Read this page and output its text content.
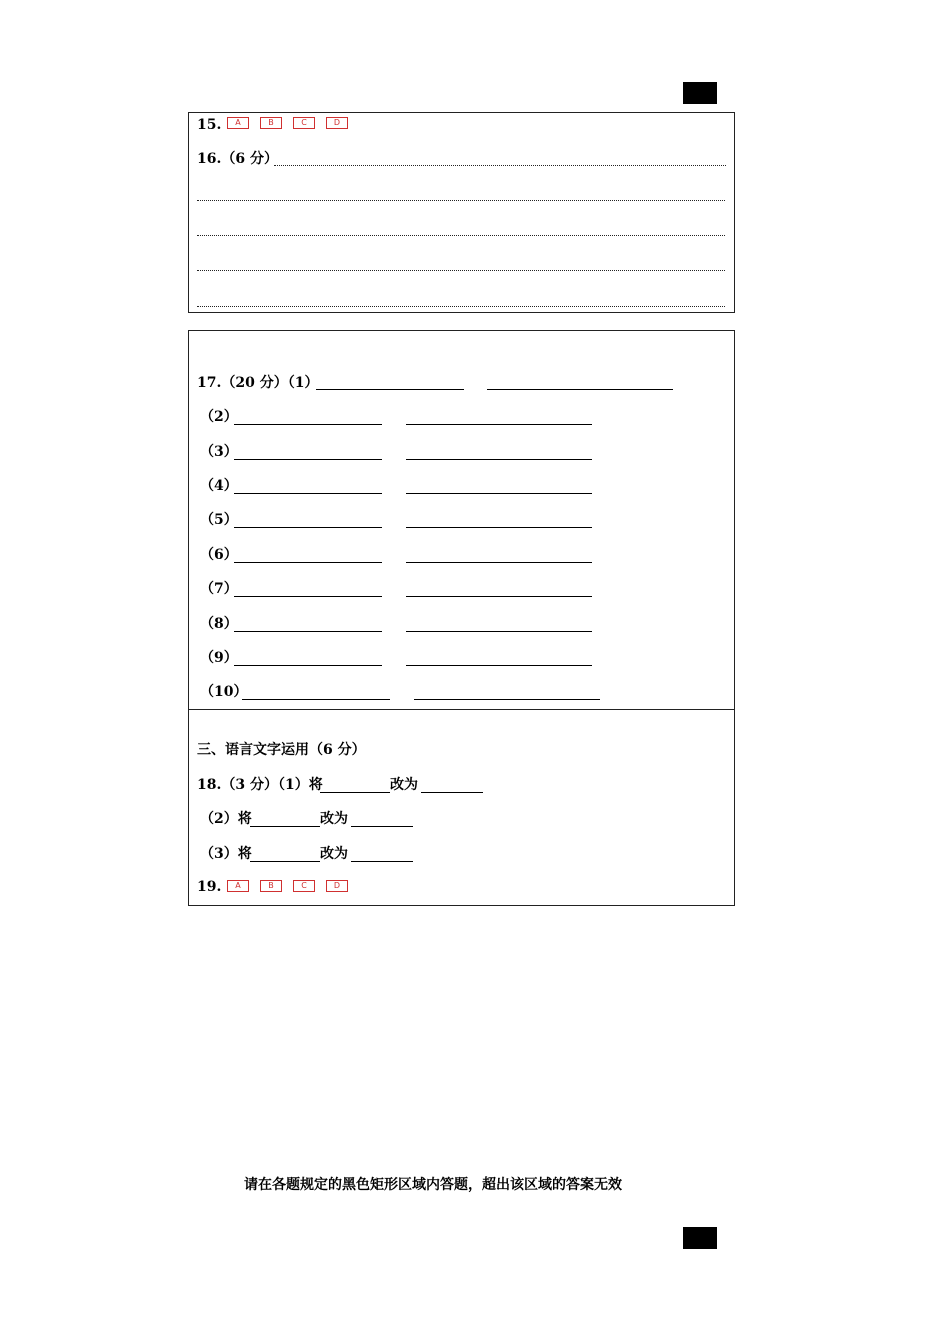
15.	A	B	C	D
16.（6 分）
17.（20 分）（1）
（2）
（3）
（4）
（5）
（6）
（7）
（8）
（9）
（10）
三、语言文字运用（6 分）
18.（3 分）（1）将	改为
（2）将	改为
（3）将	改为
19.	A	B	C	D
请在各题规定的黑色矩形区域内答题，超出该区域的答案无效
